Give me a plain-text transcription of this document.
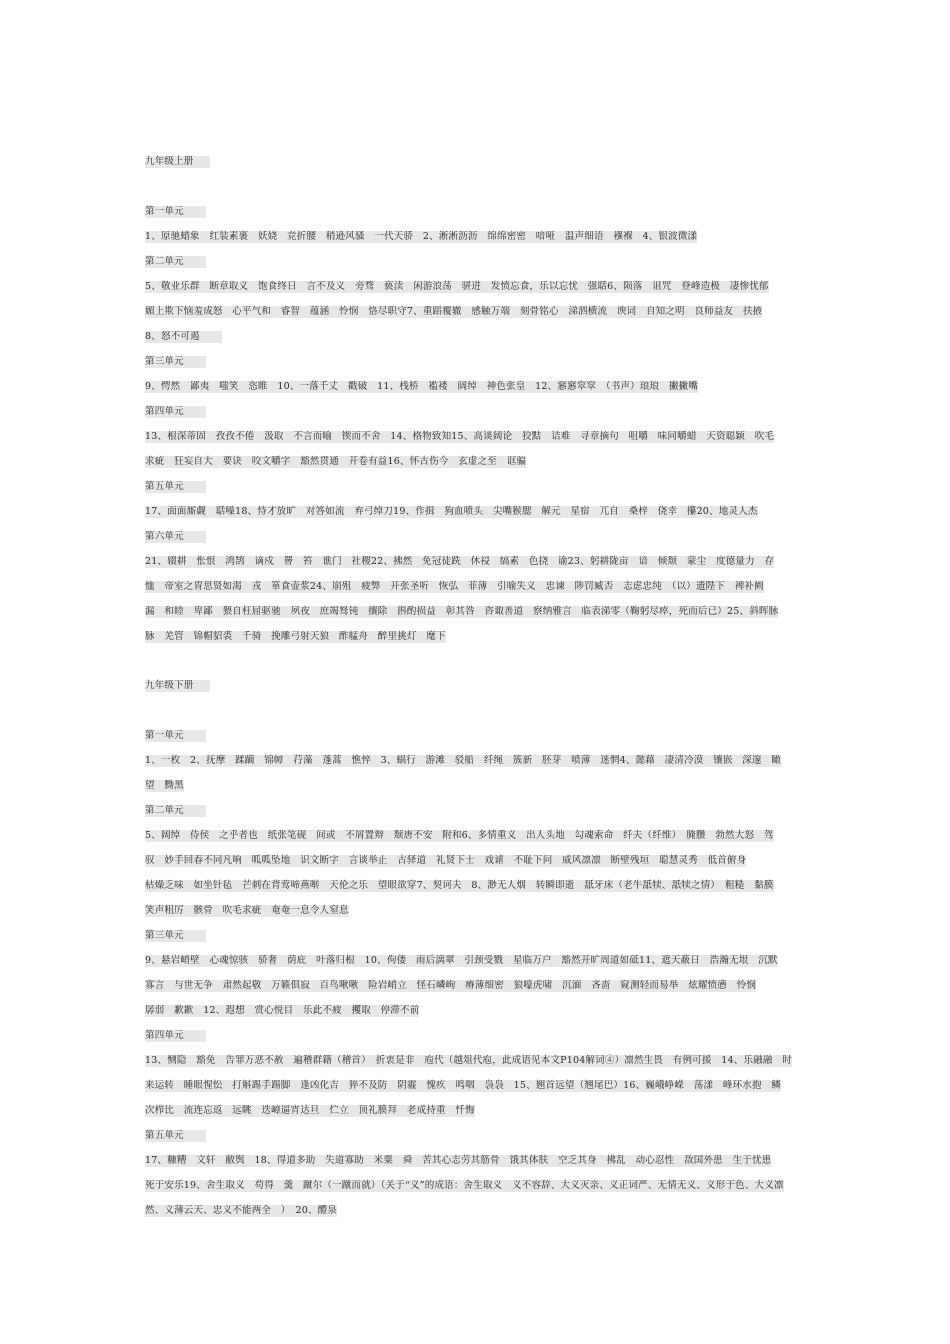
九年级上册
第一单元
1、原驰蜡象　红装素裹　妖娆　竞折腰　稍逊风骚　一代天骄　2、淅淅沥沥　绵绵密密　喑哑　温声细语　襁褓　4、银波微漾
第二单元
5、敬业乐群　断章取义　饱食终日　言不及义　旁骛　亵渎　闲游浪荡　骈进　发愤忘食，乐以忘忧　强聒6、陨落　诅咒　登峰造极　凄惨忧郁
媚上欺下恼羞成怒　心平气和　睿智　蕴涵　怜悯　恪尽职守7、重蹈覆辙　感触万端　刻骨铭心　涕泗横流　谀词　自知之明　良师益友　扶掖
8、怒不可遏
第三单元
9、愕然　鄙夷　嗤笑　恣睢　10、一落千丈　戳破　11、栈桥　褴褛　阔绰　神色张皇　12、窸窸窣窣　（书声）琅琅　撇撇嘴
第四单元
13、根深蒂固　孜孜不倦　汲取　不言而喻　锲而不舍　14、格物致知15、高谈阔论　狡黠　诘难　寻章摘句　咀嚼　味同嚼蜡　天资聪颖　吹毛
求疵　狂妄自大　要诀　咬文嚼字　豁然贯通　开卷有益16、怀古伤今　玄虚之至　诓骗
第五单元
17、面面厮觑　聒噪18、恃才放旷　对答如流　弃弓绰刀19、作揖　狗血喷头　尖嘴猴腮　解元　星宿　兀自　桑梓　侥幸　攥20、地灵人杰
第六单元
21、辍耕　怅恨　鸿鹄　谪戍　罾　笞　谯门　社稷22、拂然　免冠徒跣　休祲　缟素　色挠　谕23、躬耕陇亩　谙　倾颓　蒙尘　度德量力　存
恤　帝室之胄思贤如渴　戎　箪食壶浆24、崩殂　疲弊　开张圣听　恢弘　菲薄　引喻失义　忠谏　陟罚臧否　志虑忠纯　（以）遗陛下　裨补阙
漏　和睦　卑鄙　猥自枉屈驱驰　夙夜　庶竭驽钝　攘除　斟酌损益　彰其咎　咨诹善道　察纳雅言　临表涕零（鞠躬尽瘁，死而后已）25、斜晖脉
脉　羌管　锦帽貂裘　千骑　挽雕弓射天狼　酢艋舟　醉里挑灯　麾下
九年级下册
第一单元
1、一枚　2、抚摩　蹂躏　锦幛　荇藻　蓬蒿　憔悴　3、蜗行　游滩　驳船　纤绳　簇新　胚芽　喷薄　迷惘4、懿藉　凄清冷漠　镶嵌　深邃　瞰
望　黝黑
第二单元
5、阔绰　侍侯　之乎者也　纸张笔砚　间或　不屑置辩　颓唐不安　附和6、多情重义　出人头地　勾魂索命　纤夫（纤维）　腌臜　勃然大怒　驾
驭　妙手回春不同凡响　呱呱坠地　识文断字　言谈举止　古驿道　礼贤下士　戏谑　不耻下问　威风凛凛　断壁残垣　聪慧灵秀　低首俯身
枯燥乏味　如坐针毡　芒刺在背莺啼燕啭　天伦之乐　望眼欲穿7、契诃夫　8、渺无人烟　转瞬即逝　舐牙床（老牛舐犊、舐犊之情）　粗糙　黏膜
笑声粗厉　骸骨　吹毛求疵　奄奄一息令人窒息
第三单元
9、悬岩峭壁　心魂惊骇　骄奢　荫庇　叶落归根　10、佝偻　雨后漓翠　引颈受戮　星临万户　豁然开旷周道如砥11、遮天蔽日　浩瀚无垠　沉默
寡言　与世无争　肃然起敬　万籁俱寂　百鸟啾啾　险岩峭立　怪石嶙峋　瘠薄细密　狼嚎虎啸　沉湎　吝啬　窥测轻而易举　炫耀愤懑　怜悯
孱弱　歉歉　12、遐想　赏心悦目　乐此不疲　攫取　停滞不前
第四单元
13、恻隐　豁免　告罪万恶不赦　遍稽群籍（稽首）　折衷是非　庖代（越俎代庖，此成语见本文P104解词④）凛然生畏　有例可援　14、乐融融　时
来运转　睡眼惺忪　打斛踢手踢脚　逢凶化吉　猝不及防　阴霾　愧疚　鸣咽　袅袅　15、翘首远望（翘尾巴）16、巍峨峥嵘　荡漾　峰环水抱　鳞
次栉比　流连忘返　远眺　迭嶂逼宵达旦　伫立　顶礼膜拜　老成持重　忏悔
第五单元
17、糠糟　文轩　敝舆　18、得道多助　失道寡助　米粟　舜　苦其心志劳其筋骨　饿其体肤　空乏其身　拂乱　动心忍性　敌国外患　生于忧患
死于安乐19、舍生取义　苟得　羹　蹴尔（一蹴而就）（关于“义”的成语：舍生取义　义不容辞、大义灭亲、义正词严、无情无义、义形于色、大义凛
然、义薄云天、忠义不能两全　）　20、醴泉
